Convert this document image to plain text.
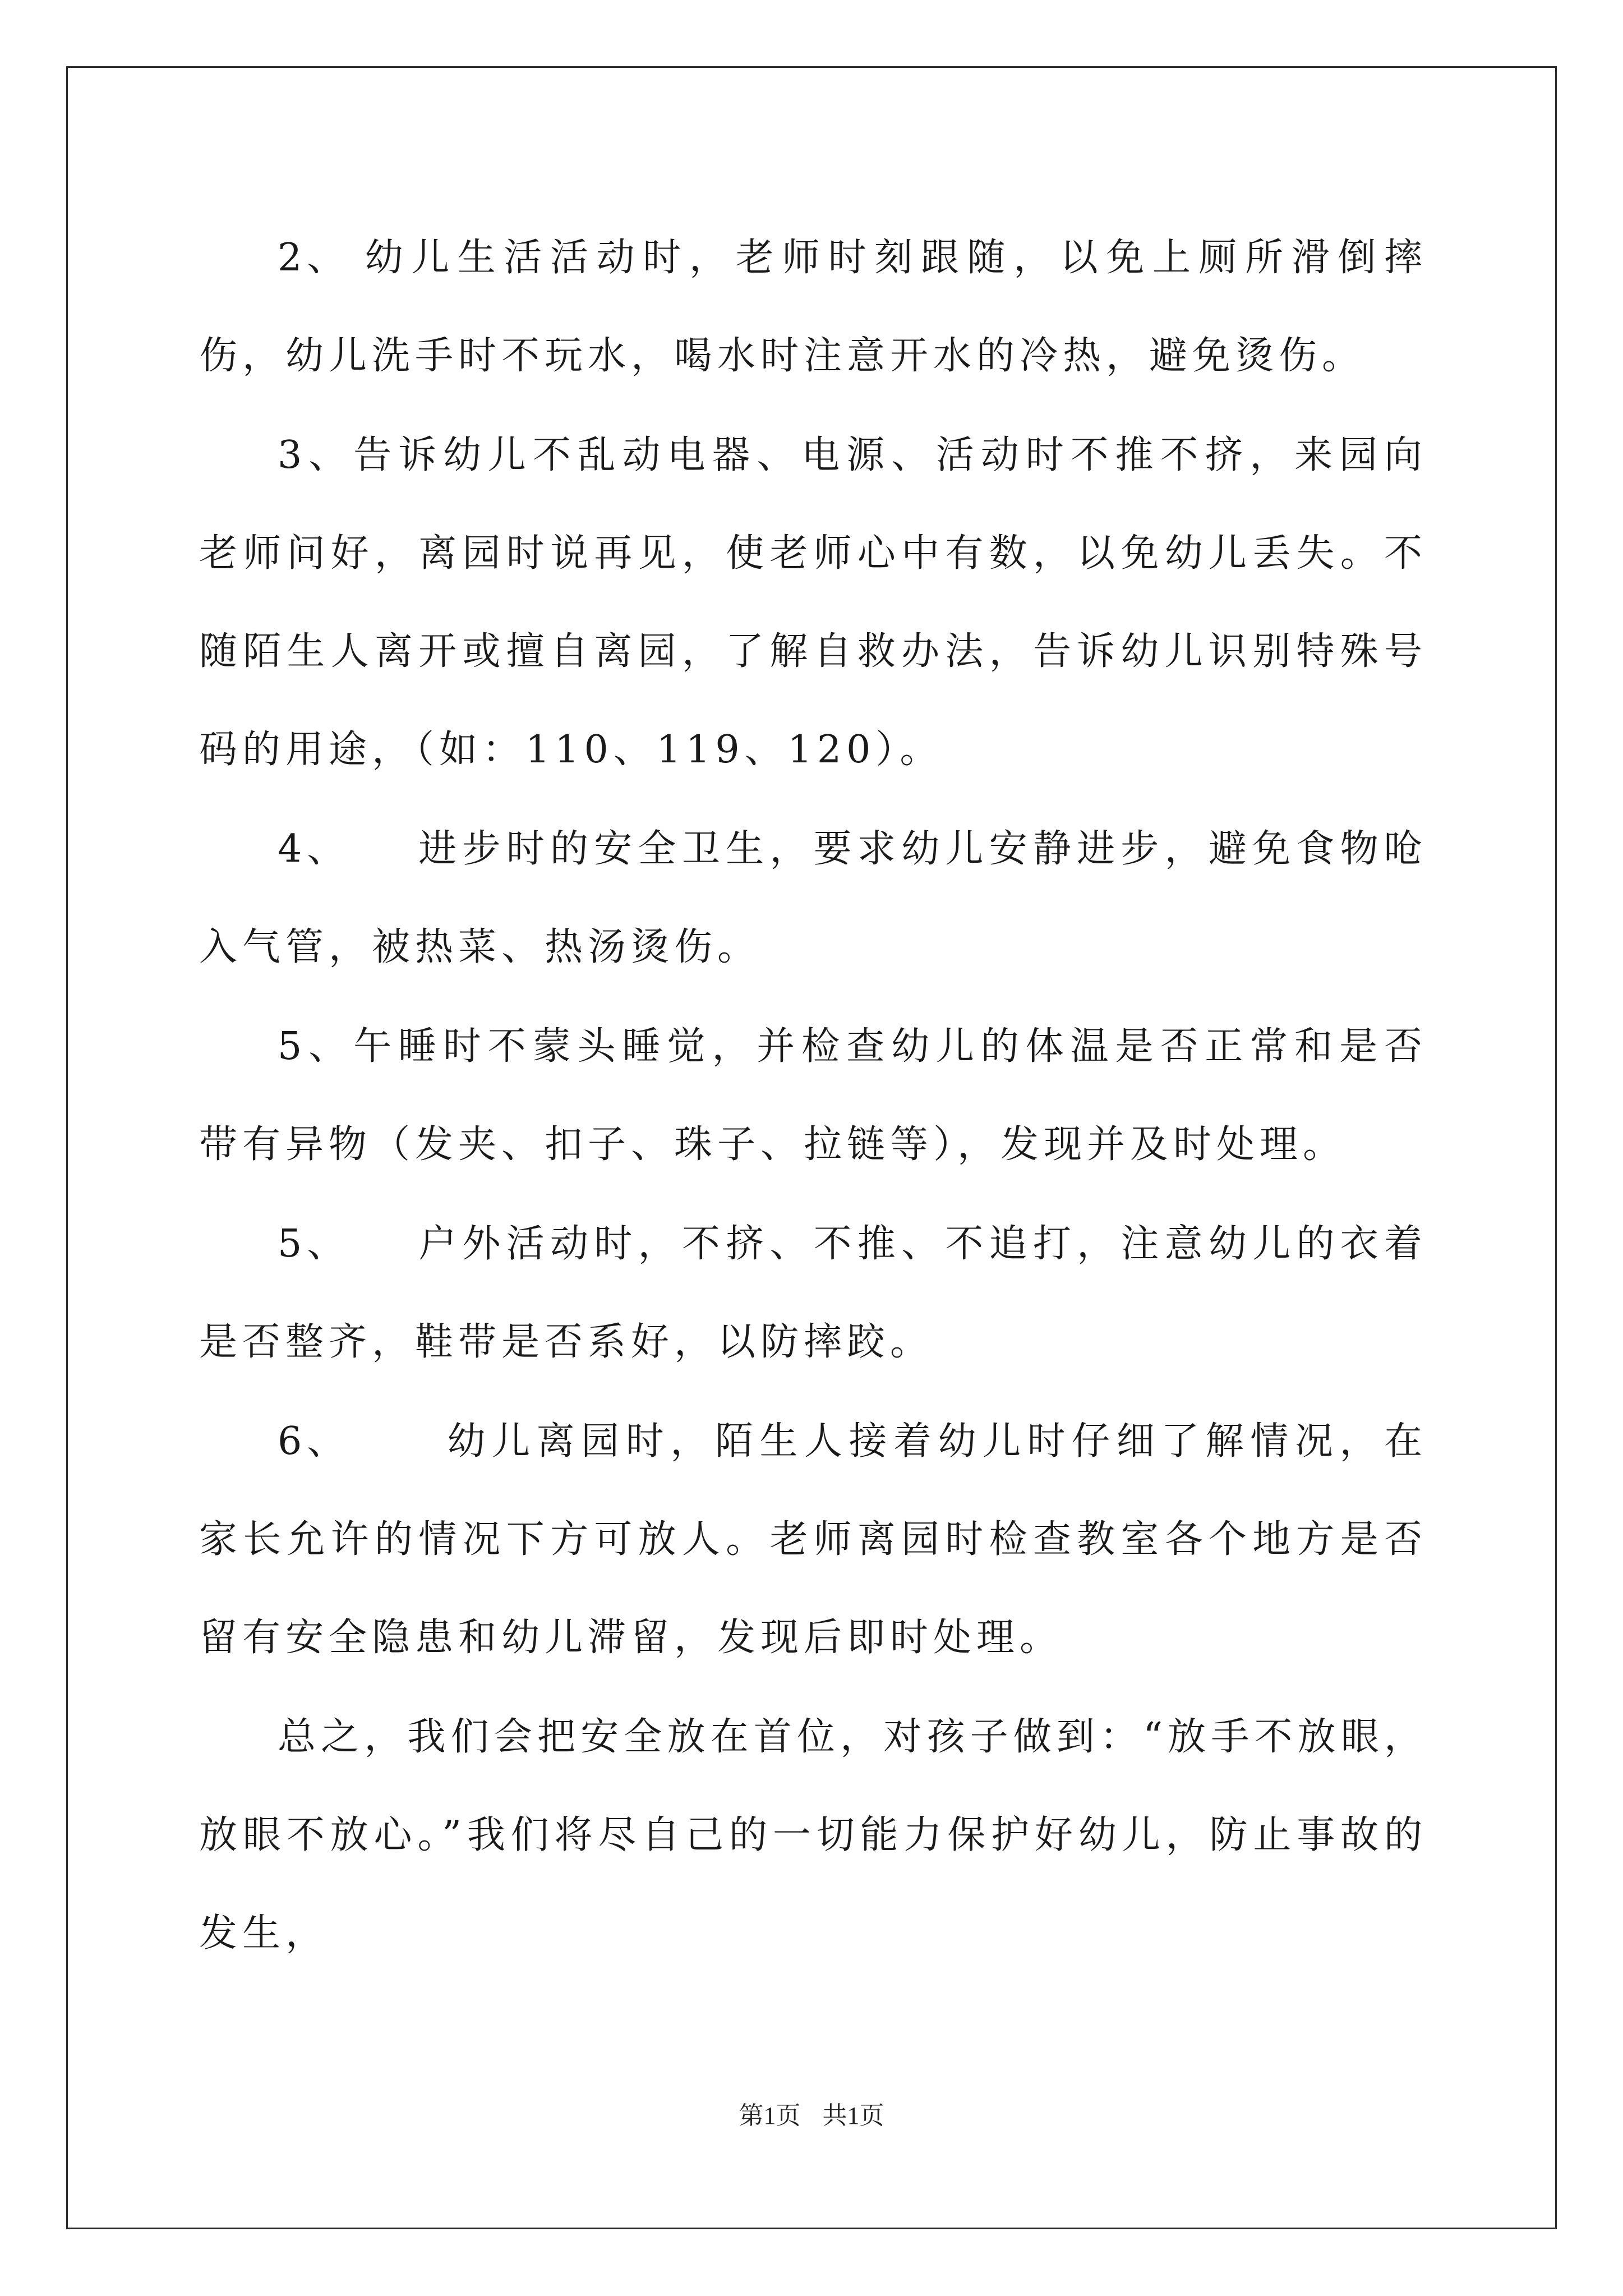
2、 幼儿生活活动时，老师时刻跟随，以免上厕所滑倒摔伤，幼儿洗手时不玩水，喝水时注意开水的冷热，避免烫伤。

3、告诉幼儿不乱动电器、电源、活动时不推不挤，来园向老师问好，离园时说再见，使老师心中有数，以免幼儿丢失。不随陌生人离开或擅自离园，了解自救办法，告诉幼儿识别特殊号码的用途，（如：110、119、120）。

4、 进步时的安全卫生，要求幼儿安静进步，避免食物呛入气管，被热菜、热汤烫伤。

5、午睡时不蒙头睡觉，并检查幼儿的体温是否正常和是否带有异物（发夹、扣子、珠子、拉链等），发现并及时处理。

5、 户外活动时，不挤、不推、不追打，注意幼儿的衣着是否整齐，鞋带是否系好，以防摔跤。

6、	幼儿离园时，陌生人接着幼儿时仔细了解情况，在家长允许的情况下方可放人。老师离园时检查教室各个地方是否留有安全隐患和幼儿滞留，发现后即时处理。

总之，我们会把安全放在首位，对孩子做到：“放手不放眼，放眼不放心。”我们将尽自己的一切能力保护好幼儿，防止事故的发生，

第1页 共1页
